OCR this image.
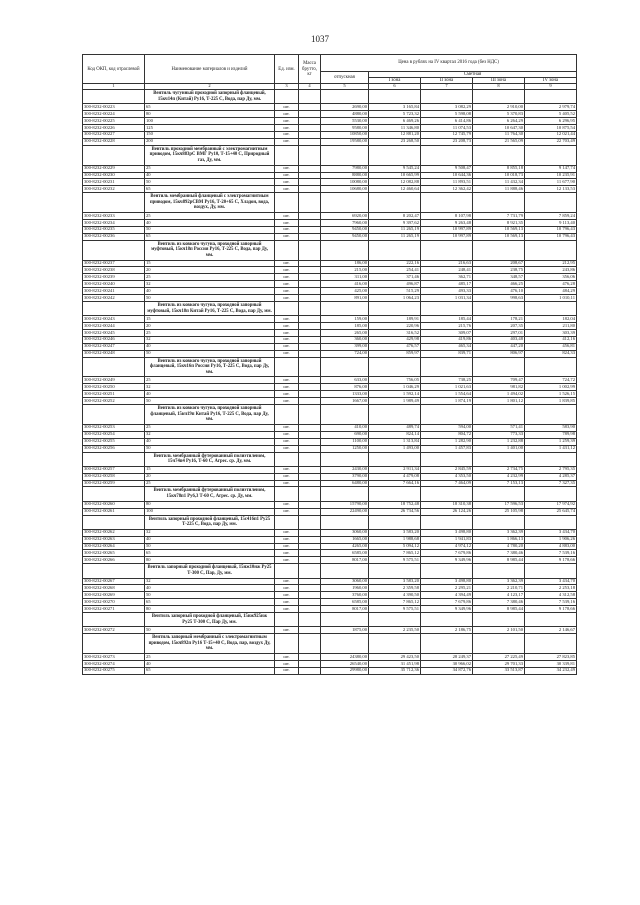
1037
Код ОКП, код отраслевой	Наименование материалов и изделий	Ед. изм.	Масса брутто, кг	Цена в рублях на IV квартал 2016 года (без НДС)				
				отпускная	Сметная			
					I зона	II зона	III зона	IV зона
1	2	3	4	5	6	7	8	9
	Вентиль чугунный проходной запорный фланцевый, 15кч14п (Китай) Ру16, Т-225 С, Вода, пар Ду, мм.							
300-8232-00223	65	шт.		2690,00	3 165,84	3 082,29	2 910,00	2 979,74
300-8232-00224	80	шт.		4880,00	5 723,32	5 598,08	5 370,83	5 405,52
300-8232-00225	100	шт.		5530,00	6 469,26	6 414,86	6 264,29	6 296,95
300-8232-00226	125	шт.		9580,00	11 346,80	11 074,53	10 647,30	10 875,54
300-8232-00227	150	шт.		10850,00	12 881,20	12 745,79	11 764,30	12 021,44
300-8232-00228	200	шт.		19580,00	23 268,50	23 208,73	21 565,09	22 703,49
	Вентиль проходной мембранный с электромагнитным приводом, 15кч883рС ВМГ Ру10, Т-15+40 С, Природный газ, Ду, мм.							
300-8232-00229	25	шт.		7980,00	9 545,24	9 508,47	8 855,18	9 147,74
300-8232-00230	40	шт.		8880,00	10 665,99	10 644,36	10 018,73	10 235,91
300-8232-00231	50	шт.		10080,00	12 082,88	11 893,51	11 432,34	11 677,90
300-8232-00232	65	шт.		10680,00	12 460,64	12 362,42	11 888,46	12 133,53
	Вентиль мембранный фланцевый с электромагнитным приводом, 15кч892рСВМ Ру16, Т-20+65 С, Хладон, вода, воздух, Ду, мм.							
300-8232-00233	25	шт.		6920,00	8 202,47	8 107,98	7 731,79	7 859,24
300-8232-00234	40	шт.		7960,00	9 397,62	9 263,48	8 921,35	9 113,40
300-8232-00235	50	шт.		9450,00	11 265,19	10 997,89	10 569,13	10 796,43
300-8232-00236	65	шт.		9450,00	11 265,19	10 997,89	10 569,13	10 796,43
	Вентиль из ковкого чугуна, проходной запорный муфтовый, 15кч18п Россия Ру16, Т-225 С, Вода, пар Ду, мм.							
300-8232-00237	15	шт.		186,00	222,16	216,63	208,67	212,95
300-8232-00238	20	шт.		215,00	254,41	248,41	238,75	243,86
300-8232-00239	25	шт.		311,00	371,46	362,71	348,57	356,06
300-8232-00240	32	шт.		416,00	496,87	485,17	466,25	476,28
300-8232-00241	40	шт.		425,00	515,29	493,33	476,10	484,29
300-8232-00242	50	шт.		891,00	1 064,23	1 031,34	998,63	1 010,11
	Вентиль из ковкого чугуна, проходной запорный муфтовый, 15кч18п Китай Ру16, Т-225 С, Вода, пар Ду, мм.							
300-8232-00243	15	шт.		159,00	189,91	185,44	178,21	182,04
300-8232-00244	20	шт.		185,00	220,96	215,76	207,35	211,80
300-8232-00245	25	шт.		265,00	316,52	309,07	297,01	303,39
300-8232-00246	32	шт.		360,00	429,98	419,86	403,48	412,16
300-8232-00247	40	шт.		399,00	476,57	465,34	447,20	456,81
300-8232-00248	50	шт.		724,00	859,97	839,71	806,97	824,33
	Вентиль из ковкого чугуна, проходной запорный фланцевый, 15кч16п Россия Ру16, Т-225 С, Вода, пар Ду, мм.							
300-8232-00249	25	шт.		633,00	756,05	738,25	709,47	724,72
300-8232-00250	32	шт.		876,00	1 046,29	1 021,63	981,82	1 002,99
300-8232-00251	40	шт.		1333,00	1 592,14	1 554,64	1 494,02	1 526,15
300-8232-00252	50	шт.		1667,00	1 989,49	1 874,19	1 801,12	1 839,85
	Вентиль из ковкого чугуна, проходной запорный фланцевый, 15кч19п Китай Ру16, Т-225 С, Вода, пар Ду, мм.							
300-8232-00253	25	шт.		410,00	489,74	594,00	571,41	583,90
300-8232-00254	32	шт.		690,00	824,14	804,72	773,33	789,98
300-8232-00255	40	шт.		1100,00	1 313,84	1 282,90	1 232,88	1 259,39
300-8232-00256	50	шт.		1250,00	1 493,00	1 457,83	1 401,00	1 431,12
	Вентиль мембранный футерованный полиэтиленом, 15ч74п4 Ру16, Т-60 С, Агрес. ср. Ду, мм.							
300-8232-00257	15	шт.		2430,00	2 911,34	2 845,59	2 734,75	2 795,35
300-8232-00258	20	шт.		3790,00	4 479,08	4 353,50	4 232,99	4 285,37
300-8232-00259	25	шт.		6480,00	7 664,16	7 464,09	7 153,13	7 327,35
	Вентиль мембранный футерованный полиэтиленом, 15кч78п1 Ру6,3 Т-60 С, Агрес. ср. Ду, мм.							
300-8232-00260	80	шт.		15790,00	18 752,48	18 310,38	17 596,53	17 974,92
300-8232-00261	100	шт.		22490,00	26 734,56	26 124,26	25 105,98	25 645,74
	Вентиль запорный проходной фланцевый, 15с416п1 Ру25 Т-225 С, Вода, пар Ду, мм.							
300-8232-00262	32	шт.		3060,00	3 583,20	3 498,80	3 362,39	3 434,70
300-8232-00263	40	шт.		1665,00	1 988,68	1 941,83	1 866,13	1 906,26
300-8232-00264	50	шт.		4265,00	5 094,12	4 974,12	4 780,20	4 883,00
300-8232-00265	65	шт.		6585,00	7 865,12	7 679,86	7 380,46	7 539,16
300-8232-00266	80	шт.		8017,00	9 575,51	9 349,96	8 985,44	9 178,66
	Вентиль запорный проходной фланцевый, 15нж10нж Ру25 Т-300 С, Пар, Ду, мм.							
300-8232-00267	32	шт.		3060,00	3 583,20	3 498,80	3 362,39	3 434,70
300-8232-00268	40	шт.		1960,00	2 359,58	2 295,21	2 210,71	2 253,18
300-8232-00269	50	шт.		3760,00	4 390,50	4 394,49	4 123,17	4 312,58
300-8232-00270	65	шт.		6585,00	7 865,12	7 679,86	7 380,46	7 539,16
300-8232-00271	80	шт.		8017,00	9 575,51	9 349,96	8 985,44	9 178,66
	Вентиль запорный проходной фланцевый, 15нж925нж Ру25 Т-300 С, Пар Ду, мм.							
300-8232-00272	50	шт.		1875,00	2 235,50	2 186,75	2 101,50	2 146,67
	Вентиль запорный мембранный с электромагнитным приводом, 15кч892п Ру16 Т-15+40 С, Вода, пар, воздух Ду, мм.							
300-8232-00273	25	шт.		24380,00	29 423,50	28 249,37	27 225,49	27 823,85
300-8232-00274	40	шт.		26540,00	31 451,98	30 966,02	29 701,33	30 339,81
300-8232-00275	65	шт.		29980,00	35 712,36	34 872,76	33 513,87	34 232,49
